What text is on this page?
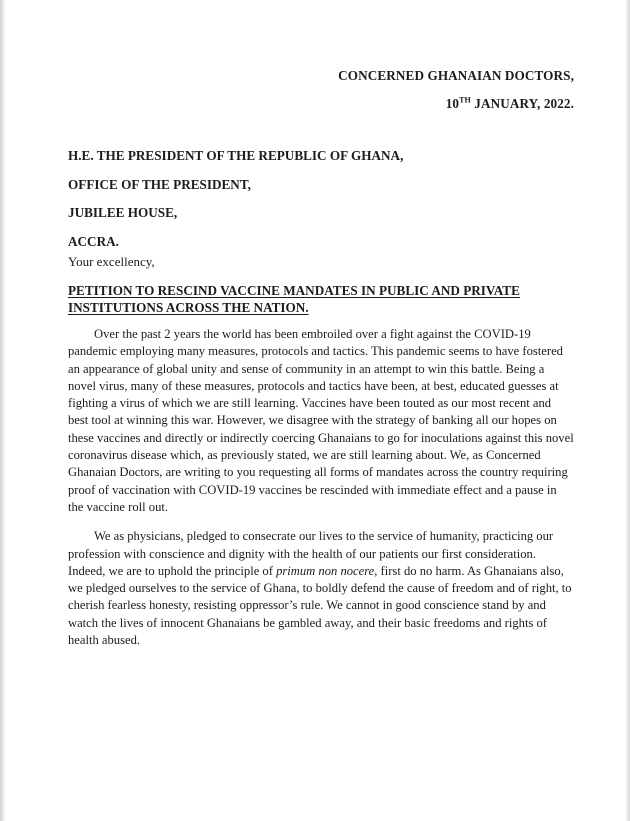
CONCERNED GHANAIAN DOCTORS,
10TH JANUARY, 2022.
H.E. THE PRESIDENT OF THE REPUBLIC OF GHANA,
OFFICE OF THE PRESIDENT,
JUBILEE HOUSE,
ACCRA.
Your excellency,
PETITION TO RESCIND VACCINE MANDATES IN PUBLIC AND PRIVATE INSTITUTIONS ACROSS THE NATION.

Over the past 2 years the world has been embroiled over a fight against the COVID-19 pandemic employing many measures, protocols and tactics. This pandemic seems to have fostered an appearance of global unity and sense of community in an attempt to win this battle. Being a novel virus, many of these measures, protocols and tactics have been, at best, educated guesses at fighting a virus of which we are still learning. Vaccines have been touted as our most recent and best tool at winning this war. However, we disagree with the strategy of banking all our hopes on these vaccines and directly or indirectly coercing Ghanaians to go for inoculations against this novel coronavirus disease which, as previously stated, we are still learning about. We, as Concerned Ghanaian Doctors, are writing to you requesting all forms of mandates across the country requiring proof of vaccination with COVID-19 vaccines be rescinded with immediate effect and a pause in the vaccine roll out.

We as physicians, pledged to consecrate our lives to the service of humanity, practicing our profession with conscience and dignity with the health of our patients our first consideration. Indeed, we are to uphold the principle of primum non nocere, first do no harm. As Ghanaians also, we pledged ourselves to the service of Ghana, to boldly defend the cause of freedom and of right, to cherish fearless honesty, resisting oppressor’s rule. We cannot in good conscience stand by and watch the lives of innocent Ghanaians be gambled away, and their basic freedoms and rights of health abused.
